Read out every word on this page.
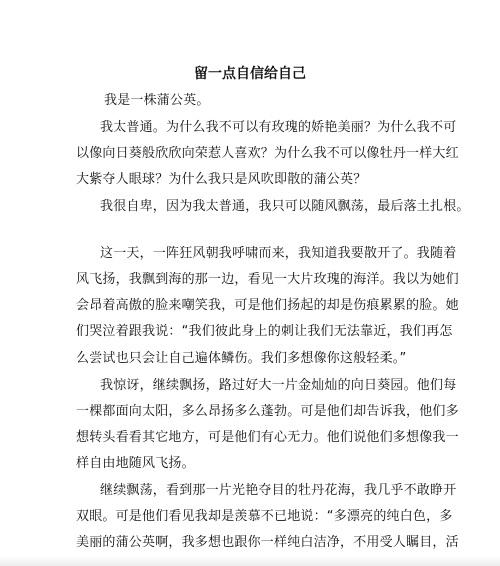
留一点自信给自己
我是一株蒲公英。
我太普通。为什么我不可以有玫瑰的娇艳美丽？为什么我不可
以像向日葵般欣欣向荣惹人喜欢？为什么我不可以像牡丹一样大红
大紫夺人眼球？为什么我只是风吹即散的蒲公英？
我很自卑，因为我太普通，我只可以随风飘荡，最后落土扎根。
这一天，一阵狂风朝我呼啸而来，我知道我要散开了。我随着
风飞扬，我飘到海的那一边，看见一大片玫瑰的海洋。我以为她们
会昂着高傲的脸来嘲笑我，可是他们扬起的却是伤痕累累的脸。她
们哭泣着跟我说：“我们彼此身上的刺让我们无法靠近，我们再怎
么尝试也只会让自己遍体鳞伤。我们多想像你这般轻柔。”
我惊讶，继续飘扬，路过好大一片金灿灿的向日葵园。他们每
一棵都面向太阳，多么昂扬多么蓬勃。可是他们却告诉我，他们多
想转头看看其它地方，可是他们有心无力。他们说他们多想像我一
样自由地随风飞扬。
继续飘荡，看到那一片光艳夺目的牡丹花海，我几乎不敢睁开
双眼。可是他们看见我却是羡慕不已地说：“多漂亮的纯白色，多
美丽的蒲公英啊，我多想也跟你一样纯白洁净，不用受人瞩目，活
